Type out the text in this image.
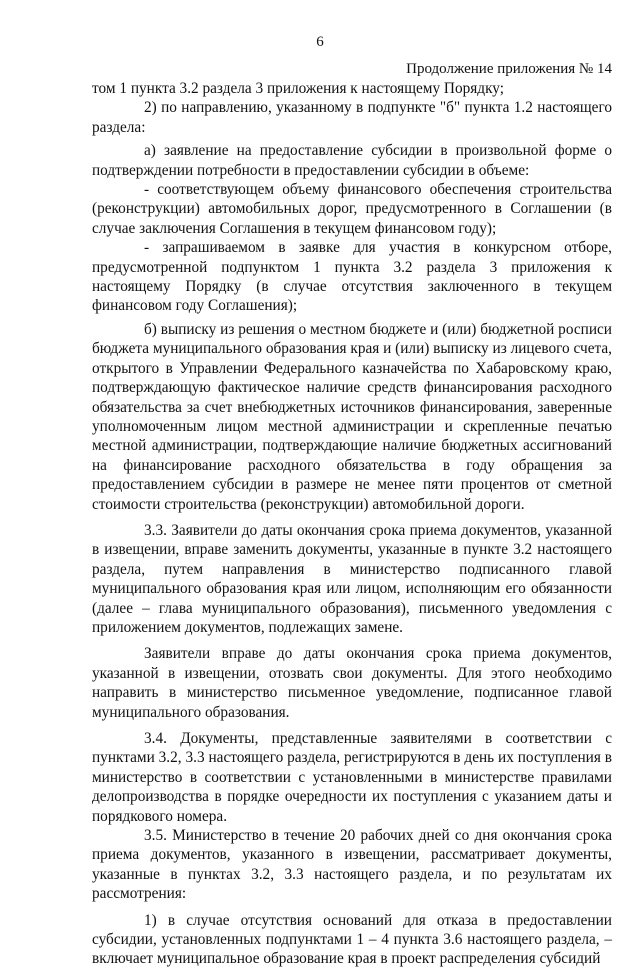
6
Продолжение приложения № 14

том 1 пункта 3.2 раздела 3 приложения к настоящему Порядку;

2) по направлению, указанному в подпункте "б" пункта 1.2 настоящего раздела:

а) заявление на предоставление субсидии в произвольной форме о подтверждении потребности в предоставлении субсидии в объеме:

- соответствующем объему финансового обеспечения строительства (реконструкции) автомобильных дорог, предусмотренного в Соглашении (в случае заключения Соглашения в текущем финансовом году);

- запрашиваемом в заявке для участия в конкурсном отборе, предусмотренной подпунктом 1 пункта 3.2 раздела 3 приложения к настоящему Порядку (в случае отсутствия заключенного в текущем финансовом году Соглашения);

б) выписку из решения о местном бюджете и (или) бюджетной росписи бюджета муниципального образования края и (или) выписку из лицевого счета, открытого в Управлении Федерального казначейства по Хабаровскому краю, подтверждающую фактическое наличие средств финансирования расходного обязательства за счет внебюджетных источников финансирования, заверенные уполномоченным лицом местной администрации и скрепленные печатью местной администрации, подтверждающие наличие бюджетных ассигнований на финансирование расходного обязательства в году обращения за предоставлением субсидии в размере не менее пяти процентов от сметной стоимости строительства (реконструкции) автомобильной дороги.

3.3. Заявители до даты окончания срока приема документов, указанной в извещении, вправе заменить документы, указанные в пункте 3.2 настоящего раздела, путем направления в министерство подписанного главой муниципального образования края или лицом, исполняющим его обязанности (далее – глава муниципального образования), письменного уведомления с приложением документов, подлежащих замене.

Заявители вправе до даты окончания срока приема документов, указанной в извещении, отозвать свои документы. Для этого необходимо направить в министерство письменное уведомление, подписанное главой муниципального образования.

3.4. Документы, представленные заявителями в соответствии с пунктами 3.2, 3.3 настоящего раздела, регистрируются в день их поступления в министерство в соответствии с установленными в министерстве правилами делопроизводства в порядке очередности их поступления с указанием даты и порядкового номера.

3.5. Министерство в течение 20 рабочих дней со дня окончания срока приема документов, указанного в извещении, рассматривает документы, указанные в пунктах 3.2, 3.3 настоящего раздела, и по результатам их рассмотрения:

1) в случае отсутствия оснований для отказа в предоставлении субсидии, установленных подпунктами 1 – 4 пункта 3.6 настоящего раздела, – включает муниципальное образование края в проект распределения субсидий
